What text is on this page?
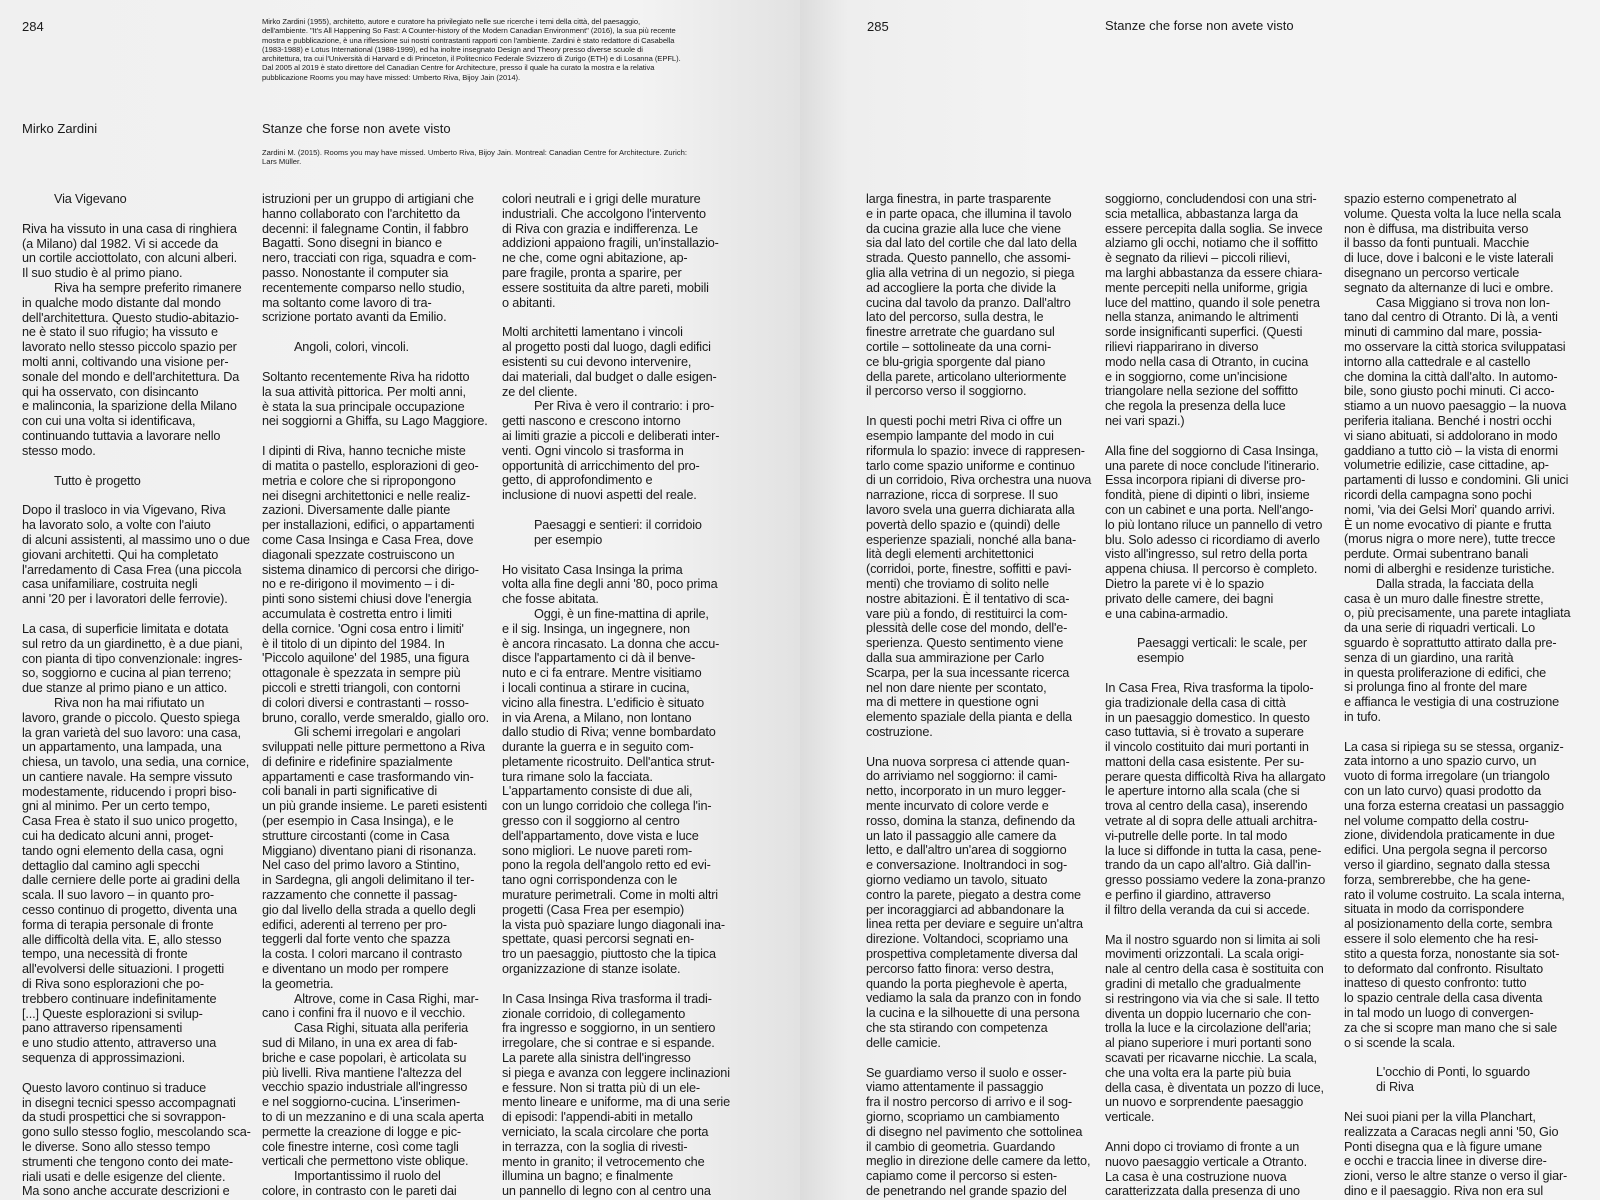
284	Mirko Zardini (1955), architetto, autore e curatore ha privilegiato nelle sue ricerche i temi della città, del paesaggio,
dell'ambiente. "It's All Happening So Fast: A Counter-history of the Modern Canadian Environment" (2016), la sua più recente
mostra e pubblicazione, è una riflessione sui nostri contrastanti rapporti con l'ambiente. Zardini è stato redattore di Casabella
(1983-1988) e Lotus International (1988-1999), ed ha inoltre insegnato Design and Theory presso diverse scuole di
architettura, tra cui l'Università di Harvard e di Princeton, il Politecnico Federale Svizzero di Zurigo (ETH) e di Losanna (EPFL).
Dal 2005 al 2019 è stato direttore del Canadian Centre for Architecture, presso il quale ha curato la mostra e la relativa
pubblicazione Rooms you may have missed: Umberto Riva, Bijoy Jain (2014).
Mirko Zardini	Stanze che forse non avete visto
Zardini M. (2015). Rooms you may have missed. Umberto Riva, Bijoy Jain. Montreal: Canadian Centre for Architecture. Zurich:
Lars Müller.

Via Vigevano

Riva ha vissuto in una casa di ringhiera
(a Milano) dal 1982. Vi si accede da
un cortile acciottolato, con alcuni alberi.
Il suo studio è al primo piano.

Riva ha sempre preferito rimanere
in qualche modo distante dal mondo
dell'architettura. Questo studio-abitazio-
ne è stato il suo rifugio; ha vissuto e
lavorato nello stesso piccolo spazio per
molti anni, coltivando una visione per-
sonale del mondo e dell'architettura. Da
qui ha osservato, con disincanto
e malinconia, la sparizione della Milano
con cui una volta si identificava,
continuando tuttavia a lavorare nello
stesso modo.

Tutto è progetto

Dopo il trasloco in via Vigevano, Riva
ha lavorato solo, a volte con l'aiuto
di alcuni assistenti, al massimo uno o due
giovani architetti. Qui ha completato
l'arredamento di Casa Frea (una piccola
casa unifamiliare, costruita negli
anni '20 per i lavoratori delle ferrovie).

La casa, di superficie limitata e dotata
sul retro da un giardinetto, è a due piani,
con pianta di tipo convenzionale: ingres-
so, soggiorno e cucina al pian terreno;
due stanze al primo piano e un attico.

Riva non ha mai rifiutato un
lavoro, grande o piccolo. Questo spiega
la gran varietà del suo lavoro: una casa,
un appartamento, una lampada, una
chiesa, un tavolo, una sedia, una cornice,
un cantiere navale. Ha sempre vissuto
modestamente, riducendo i propri biso-
gni al minimo. Per un certo tempo,
Casa Frea è stato il suo unico progetto,
cui ha dedicato alcuni anni, proget-
tando ogni elemento della casa, ogni
dettaglio dal camino agli specchi
dalle cerniere delle porte ai gradini della
scala. Il suo lavoro – in quanto pro-
cesso continuo di progetto, diventa una
forma di terapia personale di fronte
alle difficoltà della vita. E, allo stesso
tempo, una necessità di fronte
all'evolversi delle situazioni. I progetti
di Riva sono esplorazioni che po-
trebbero continuare indefinitamente
[...] Queste esplorazioni si svilup-
pano attraverso ripensamenti
e uno studio attento, attraverso una
sequenza di approssimazioni.

Questo lavoro continuo si traduce
in disegni tecnici spesso accompagnati
da studi prospettici che si sovrappon-
gono sullo stesso foglio, mescolando sca-
le diverse. Sono allo stesso tempo
strumenti che tengono conto dei mate-
riali usati e delle esigenze del cliente.
Ma sono anche accurate descrizioni e

istruzioni per un gruppo di artigiani che
hanno collaborato con l'architetto da
decenni: il falegname Contin, il fabbro
Bagatti. Sono disegni in bianco e
nero, tracciati con riga, squadra e com-
passo. Nonostante il computer sia
recentemente comparso nello studio,
ma soltanto come lavoro di tra-
scrizione portato avanti da Emilio.

Angoli, colori, vincoli.

Soltanto recentemente Riva ha ridotto
la sua attività pittorica. Per molti anni,
è stata la sua principale occupazione
nei soggiorni a Ghiffa, su Lago Maggiore.

I dipinti di Riva, hanno tecniche miste
di matita o pastello, esplorazioni di geo-
metria e colore che si ripropongono
nei disegni architettonici e nelle realiz-
zazioni. Diversamente dalle piante
per installazioni, edifici, o appartamenti
come Casa Insinga e Casa Frea, dove
diagonali spezzate costruiscono un
sistema dinamico di percorsi che dirigo-
no e re-dirigono il movimento – i di-
pinti sono sistemi chiusi dove l'energia
accumulata è costretta entro i limiti
della cornice. 'Ogni cosa entro i limiti'
è il titolo di un dipinto del 1984. In
'Piccolo aquilone' del 1985, una figura
ottagonale è spezzata in sempre più
piccoli e stretti triangoli, con contorni
di colori diversi e contrastanti – rosso-
bruno, corallo, verde smeraldo, giallo oro.

Gli schemi irregolari e angolari
sviluppati nelle pitture permettono a Riva
di definire e ridefinire spazialmente
appartamenti e case trasformando vin-
coli banali in parti significative di
un più grande insieme. Le pareti esistenti
(per esempio in Casa Insinga), e le
strutture circostanti (come in Casa
Miggiano) diventano piani di risonanza.
Nel caso del primo lavoro a Stintino,
in Sardegna, gli angoli delimitano il ter-
razzamento che connette il passag-
gio dal livello della strada a quello degli
edifici, aderenti al terreno per pro-
teggerli dal forte vento che spazza
la costa. I colori marcano il contrasto
e diventano un modo per rompere
la geometria.

Altrove, come in Casa Righi, mar-
cano i confini fra il nuovo e il vecchio.

Casa Righi, situata alla periferia
sud di Milano, in una ex area di fab-
briche e case popolari, è articolata su
più livelli. Riva mantiene l'altezza del
vecchio spazio industriale all'ingresso
e nel soggiorno-cucina. L'inserimen-
to di un mezzanino e di una scala aperta
permette la creazione di logge e pic-
cole finestre interne, così come tagli
verticali che permettono viste oblique.

Importantissimo il ruolo del
colore, in contrasto con le pareti dai

colori neutrali e i grigi delle murature
industriali. Che accolgono l'intervento
di Riva con grazia e indifferenza. Le
addizioni appaiono fragili, un'installazio-
ne che, come ogni abitazione, ap-
pare fragile, pronta a sparire, per
essere sostituita da altre pareti, mobili
o abitanti.

Molti architetti lamentano i vincoli
al progetto posti dal luogo, dagli edifici
esistenti su cui devono intervenire,
dai materiali, dal budget o dalle esigen-
ze del cliente.

Per Riva è vero il contrario: i pro-
getti nascono e crescono intorno
ai limiti grazie a piccoli e deliberati inter-
venti. Ogni vincolo si trasforma in
opportunità di arricchimento del pro-
getto, di approfondimento e
inclusione di nuovi aspetti del reale.

Paesaggi e sentieri: il corridoio
per esempio

Ho visitato Casa Insinga la prima
volta alla fine degli anni '80, poco prima
che fosse abitata.

Oggi, è un fine-mattina di aprile,
e il sig. Insinga, un ingegnere, non
è ancora rincasato. La donna che accu-
disce l'appartamento ci dà il benve-
nuto e ci fa entrare. Mentre visitiamo
i locali continua a stirare in cucina,
vicino alla finestra. L'edificio è situato
in via Arena, a Milano, non lontano
dallo studio di Riva; venne bombardato
durante la guerra e in seguito com-
pletamente ricostruito. Dell'antica strut-
tura rimane solo la facciata.
L'appartamento consiste di due ali,
con un lungo corridoio che collega l'in-
gresso con il soggiorno al centro
dell'appartamento, dove vista e luce
sono migliori. Le nuove pareti rom-
pono la regola dell'angolo retto ed evi-
tano ogni corrispondenza con le
murature perimetrali. Come in molti altri
progetti (Casa Frea per esempio)
la vista può spaziare lungo diagonali ina-
spettate, quasi percorsi segnati en-
tro un paesaggio, piuttosto che la tipica
organizzazione di stanze isolate.

In Casa Insinga Riva trasforma il tradi-
zionale corridoio, di collegamento
fra ingresso e soggiorno, in un sentiero
irregolare, che si contrae e si espande.
La parete alla sinistra dell'ingresso
si piega e avanza con leggere inclinazioni
e fessure. Non si tratta più di un ele-
mento lineare e uniforme, ma di una serie
di episodi: l'appendi-abiti in metallo
verniciato, la scala circolare che porta
in terrazza, con la soglia di rivesti-
mento in granito; il vetrocemento che
illumina un bagno; e finalmente
un pannello di legno con al centro una

285	Stanze che forse non avete visto

larga finestra, in parte trasparente
e in parte opaca, che illumina il tavolo
da cucina grazie alla luce che viene
sia dal lato del cortile che dal lato della
strada. Questo pannello, che assomi-
glia alla vetrina di un negozio, si piega
ad accogliere la porta che divide la
cucina dal tavolo da pranzo. Dall'altro
lato del percorso, sulla destra, le
finestre arretrate che guardano sul
cortile – sottolineate da una corni-
ce blu-grigia sporgente dal piano
della parete, articolano ulteriormente
il percorso verso il soggiorno.

In questi pochi metri Riva ci offre un
esempio lampante del modo in cui
riformula lo spazio: invece di rappresen-
tarlo come spazio uniforme e continuo
di un corridoio, Riva orchestra una nuova
narrazione, ricca di sorprese. Il suo
lavoro svela una guerra dichiarata alla
povertà dello spazio e (quindi) delle
esperienze spaziali, nonché alla bana-
lità degli elementi architettonici
(corridoi, porte, finestre, soffitti e pavi-
menti) che troviamo di solito nelle
nostre abitazioni. È il tentativo di sca-
vare più a fondo, di restituirci la com-
plessità delle cose del mondo, dell'e-
sperienza. Questo sentimento viene
dalla sua ammirazione per Carlo
Scarpa, per la sua incessante ricerca
nel non dare niente per scontato,
ma di mettere in questione ogni
elemento spaziale della pianta e della
costruzione.

Una nuova sorpresa ci attende quan-
do arriviamo nel soggiorno: il cami-
netto, incorporato in un muro legger-
mente incurvato di colore verde e
rosso, domina la stanza, definendo da
un lato il passaggio alle camere da
letto, e dall'altro un'area di soggiorno
e conversazione. Inoltrandoci in sog-
giorno vediamo un tavolo, situato
contro la parete, piegato a destra come
per incoraggiarci ad abbandonare la
linea retta per deviare e seguire un'altra
direzione. Voltandoci, scopriamo una
prospettiva completamente diversa dal
percorso fatto finora: verso destra,
quando la porta pieghevole è aperta,
vediamo la sala da pranzo con in fondo
la cucina e la silhouette di una persona
che sta stirando con competenza
delle camicie.

Se guardiamo verso il suolo e osser-
viamo attentamente il passaggio
fra il nostro percorso di arrivo e il sog-
giorno, scopriamo un cambiamento
di disegno nel pavimento che sottolinea
il cambio di geometria. Guardando
meglio in direzione delle camere da letto,
capiamo come il percorso si esten-
de penetrando nel grande spazio del

soggiorno, concludendosi con una stri-
scia metallica, abbastanza larga da
essere percepita dalla soglia. Se invece
alziamo gli occhi, notiamo che il soffitto
è segnato da rilievi – piccoli rilievi,
ma larghi abbastanza da essere chiara-
mente percepiti nella uniforme, grigia
luce del mattino, quando il sole penetra
nella stanza, animando le altrimenti
sorde insignificanti superfici. (Questi
rilievi riapparirano in diverso
modo nella casa di Otranto, in cucina
e in soggiorno, come un'incisione
triangolare nella sezione del soffitto
che regola la presenza della luce
nei vari spazi.)

Alla fine del soggiorno di Casa Insinga,
una parete di noce conclude l'itinerario.
Essa incorpora ripiani di diverse pro-
fondità, piene di dipinti o libri, insieme
con un cabinet e una porta. Nell'ango-
lo più lontano riluce un pannello di vetro
blu. Solo adesso ci ricordiamo di averlo
visto all'ingresso, sul retro della porta
appena chiusa. Il percorso è completo.
Dietro la parete vi è lo spazio
privato delle camere, dei bagni
e una cabina-armadio.

Paesaggi verticali: le scale, per
esempio

In Casa Frea, Riva trasforma la tipolo-
gia tradizionale della casa di città
in un paesaggio domestico. In questo
caso tuttavia, si è trovato a superare
il vincolo costituito dai muri portanti in
mattoni della casa esistente. Per su-
perare questa difficoltà Riva ha allargato
le aperture intorno alla scala (che si
trova al centro della casa), inserendo
vetrate al di sopra delle attuali architra-
vi-putrelle delle porte. In tal modo
la luce si diffonde in tutta la casa, pene-
trando da un capo all'altro. Già dall'in-
gresso possiamo vedere la zona-pranzo
e perfino il giardino, attraverso
il filtro della veranda da cui si accede.

Ma il nostro sguardo non si limita ai soli
movimenti orizzontali. La scala origi-
nale al centro della casa è sostituita con
gradini di metallo che gradualmente
si restringono via via che si sale. Il tetto
diventa un doppio lucernario che con-
trolla la luce e la circolazione dell'aria;
al piano superiore i muri portanti sono
scavati per ricavarne nicchie. La scala,
che una volta era la parte più buia
della casa, è diventata un pozzo di luce,
un nuovo e sorprendente paesaggio
verticale.

Anni dopo ci troviamo di fronte a un
nuovo paesaggio verticale a Otranto.
La casa è una costruzione nuova
caratterizzata dalla presenza di uno

spazio esterno compenetrato al
volume. Questa volta la luce nella scala
non è diffusa, ma distribuita verso
il basso da fonti puntuali. Macchie
di luce, dove i balconi e le viste laterali
disegnano un percorso verticale
segnato da alternanze di luci e ombre.

Casa Miggiano si trova non lon-
tano dal centro di Otranto. Di là, a venti
minuti di cammino dal mare, possia-
mo osservare la città storica sviluppatasi
intorno alla cattedrale e al castello
che domina la città dall'alto. In automo-
bile, sono giusto pochi minuti. Ci acco-
stiamo a un nuovo paesaggio – la nuova
periferia italiana. Benché i nostri occhi
vi siano abituati, si addolorano in modo
gaddiano a tutto ciò – la vista di enormi
volumetrie edilizie, case cittadine, ap-
partamenti di lusso e condomini. Gli unici
ricordi della campagna sono pochi
nomi, 'via dei Gelsi Mori' quando arrivi.
È un nome evocativo di piante e frutta
(morus nigra o more nere), tutte trecce
perdute. Ormai subentrano banali
nomi di alberghi e residenze turistiche.

Dalla strada, la facciata della
casa è un muro dalle finestre strette,
o, più precisamente, una parete intagliata
da una serie di riquadri verticali. Lo
sguardo è soprattutto attirato dalla pre-
senza di un giardino, una rarità
in questa proliferazione di edifici, che
si prolunga fino al fronte del mare
e affianca le vestigia di una costruzione
in tufo.

La casa si ripiega su se stessa, organiz-
zata intorno a uno spazio curvo, un
vuoto di forma irregolare (un triangolo
con un lato curvo) quasi prodotto da
una forza esterna creatasi un passaggio
nel volume compatto della costru-
zione, dividendola praticamente in due
edifici. Una pergola segna il percorso
verso il giardino, segnato dalla stessa
forza, sembrerebbe, che ha gene-
rato il volume costruito. La scala interna,
situata in modo da corrispondere
al posizionamento della corte, sembra
essere il solo elemento che ha resi-
stito a questa forza, nonostante sia sot-
to deformato dal confronto. Risultato
inatteso di questo confronto: tutto
lo spazio centrale della casa diventa
in tal modo un luogo di convergen-
za che si scopre man mano che si sale
o si scende la scala.

L'occhio di Ponti, lo sguardo
di Riva

Nei suoi piani per la villa Planchart,
realizzata a Caracas negli anni '50, Gio
Ponti disegna qua e là figure umane
e occhi e traccia linee in diverse dire-
zioni, verso le altre stanze o verso il giar-
dino e il paesaggio. Riva non era sul
